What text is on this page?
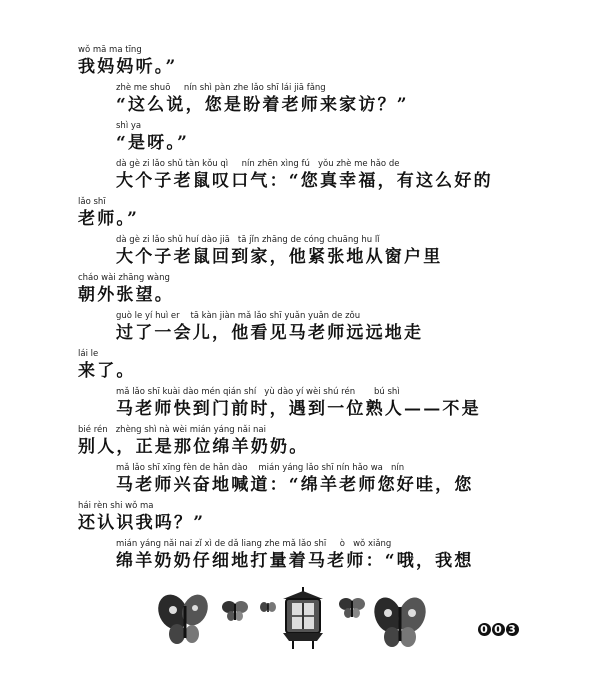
wǒ mā ma tīng
我妈妈听。”
zhè me shuō     nín shì pàn zhe lǎo shī lái jiā fǎng
“这么说，您是盼着老师来家访？”
shì ya
“是呀。”
dà gè zi lǎo shǔ tàn kǒu qì     nín zhēn xìng fú   yǒu zhè me hǎo de
大个子老鼠叹口气：“您真幸福，有这么好的
lǎo shī
老师。”
dà gè zi lǎo shǔ huí dào jiā   tā jǐn zhāng de cóng chuāng hu lǐ
大个子老鼠回到家，他紧张地从窗户里
cháo wài zhāng wàng
朝外张望。
guò le yí huì er    tā kàn jiàn mǎ lǎo shī yuǎn yuǎn de zǒu
过了一会儿，他看见马老师远远地走
lái le
来了。
mǎ lǎo shī kuài dào mén qián shí   yù dào yí wèi shú rén       bú shì
马老师快到门前时，遇到一位熟人——不是
bié rén   zhèng shì nà wèi mián yáng nǎi nai
别人，正是那位绵羊奶奶。
mǎ lǎo shī xīng fèn de hǎn dào    mián yáng lǎo shī nín hǎo wa   nín
马老师兴奋地喊道：“绵羊老师您好哇，您
hái rèn shi wǒ ma
还认识我吗？”
mián yáng nǎi nai zǐ xì de dǎ liang zhe mǎ lǎo shī     ò   wǒ xiǎng
绵羊奶奶仔细地打量着马老师：“哦，我想
0 0 3
